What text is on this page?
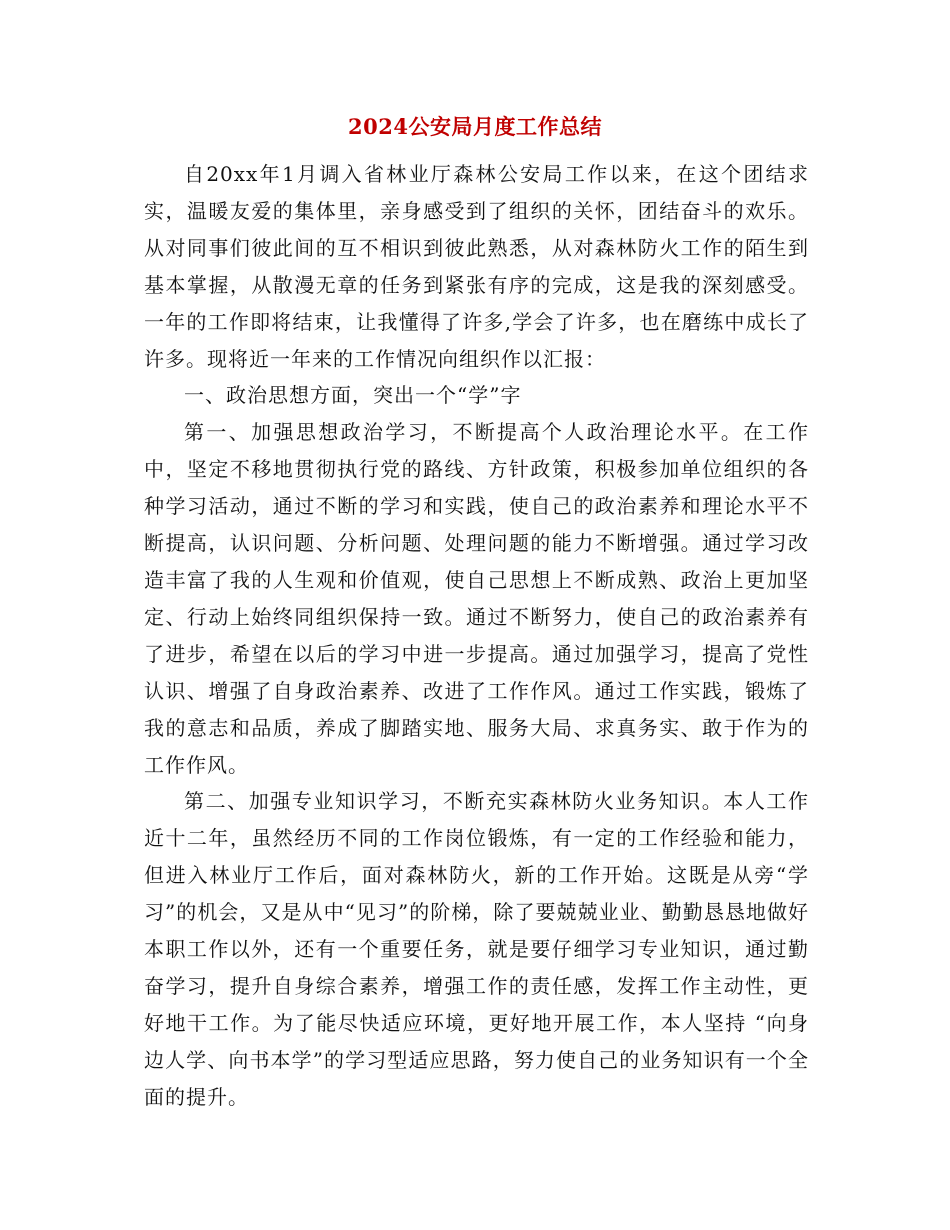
2024公安局月度工作总结

自20xx年1月调入省林业厅森林公安局工作以来，在这个团结求实，温暖友爱的集体里，亲身感受到了组织的关怀，团结奋斗的欢乐。从对同事们彼此间的互不相识到彼此熟悉，从对森林防火工作的陌生到基本掌握，从散漫无章的任务到紧张有序的完成，这是我的深刻感受。一年的工作即将结束，让我懂得了许多,学会了许多，也在磨练中成长了许多。现将近一年来的工作情况向组织作以汇报：

一、政治思想方面，突出一个“学”字

第一、加强思想政治学习，不断提高个人政治理论水平。在工作中，坚定不移地贯彻执行党的路线、方针政策，积极参加单位组织的各种学习活动，通过不断的学习和实践，使自己的政治素养和理论水平不断提高，认识问题、分析问题、处理问题的能力不断增强。通过学习改造丰富了我的人生观和价值观，使自己思想上不断成熟、政治上更加坚定、行动上始终同组织保持一致。通过不断努力，使自己的政治素养有了进步，希望在以后的学习中进一步提高。通过加强学习，提高了党性认识、增强了自身政治素养、改进了工作作风。通过工作实践，锻炼了我的意志和品质，养成了脚踏实地、服务大局、求真务实、敢于作为的工作作风。

第二、加强专业知识学习，不断充实森林防火业务知识。本人工作近十二年，虽然经历不同的工作岗位锻炼，有一定的工作经验和能力，但进入林业厅工作后，面对森林防火，新的工作开始。这既是从旁“学习”的机会，又是从中“见习”的阶梯，除了要兢兢业业、勤勤恳恳地做好本职工作以外，还有一个重要任务，就是要仔细学习专业知识，通过勤奋学习，提升自身综合素养，增强工作的责任感，发挥工作主动性，更好地干工作。为了能尽快适应环境，更好地开展工作，本人坚持 “向身边人学、向书本学”的学习型适应思路，努力使自己的业务知识有一个全面的提升。
